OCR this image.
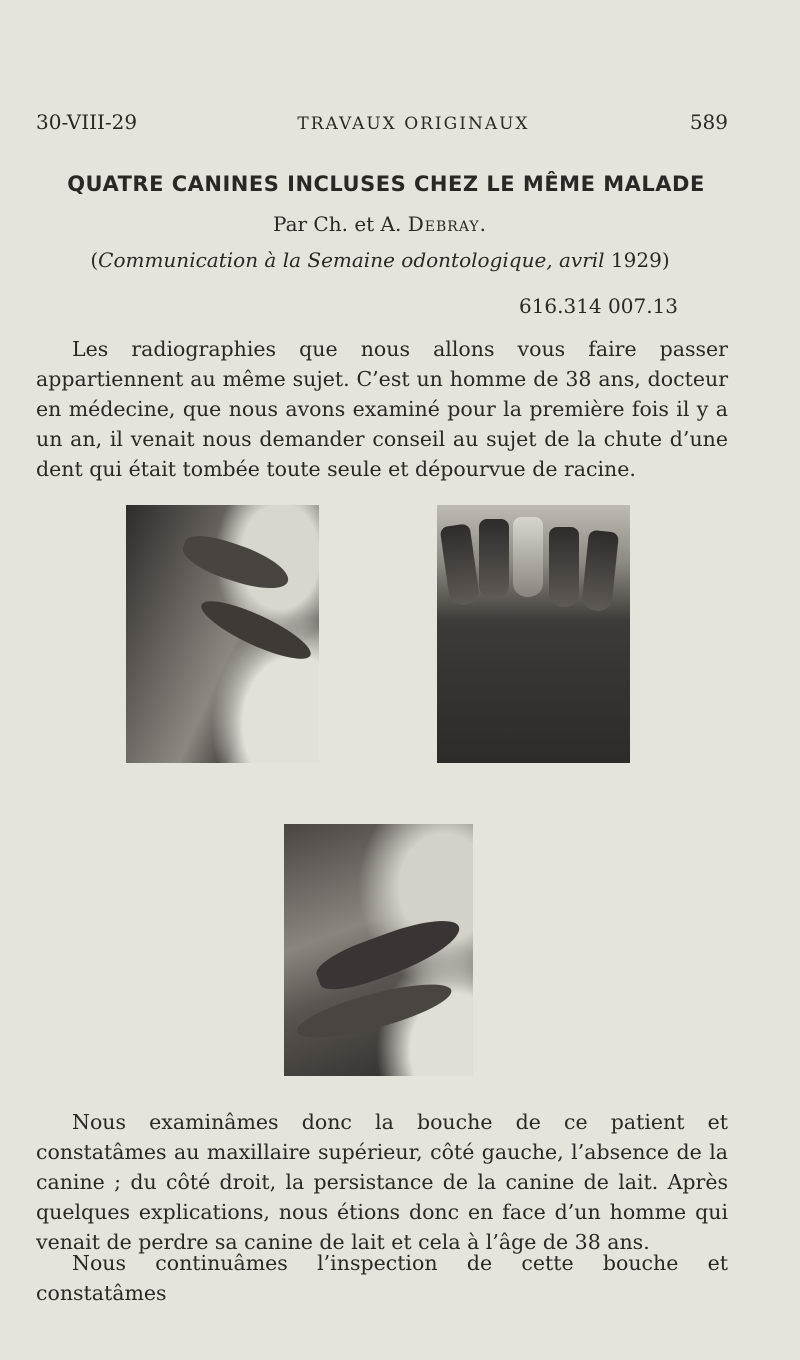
30-VIII-29	TRAVAUX ORIGINAUX	589
QUATRE CANINES INCLUSES CHEZ LE MÊME MALADE
Par Ch. et A. Debray.
(Communication à la Semaine odontologique, avril 1929)
616.314 007.13

Les radiographies que nous allons vous faire passer appartiennent au même sujet. C’est un homme de 38 ans, docteur en médecine, que nous avons examiné pour la première fois il y a un an, il venait nous demander conseil au sujet de la chute d’une dent qui était tombée toute seule et dépourvue de racine.

Nous examinâmes donc la bouche de ce patient et constatâmes au maxillaire supérieur, côté gauche, l’absence de la canine ; du côté droit, la persistance de la canine de lait. Après quelques explications, nous étions donc en face d’un homme qui venait de perdre sa canine de lait et cela à l’âge de 38 ans.

Nous continuâmes l’inspection de cette bouche et constatâmes
